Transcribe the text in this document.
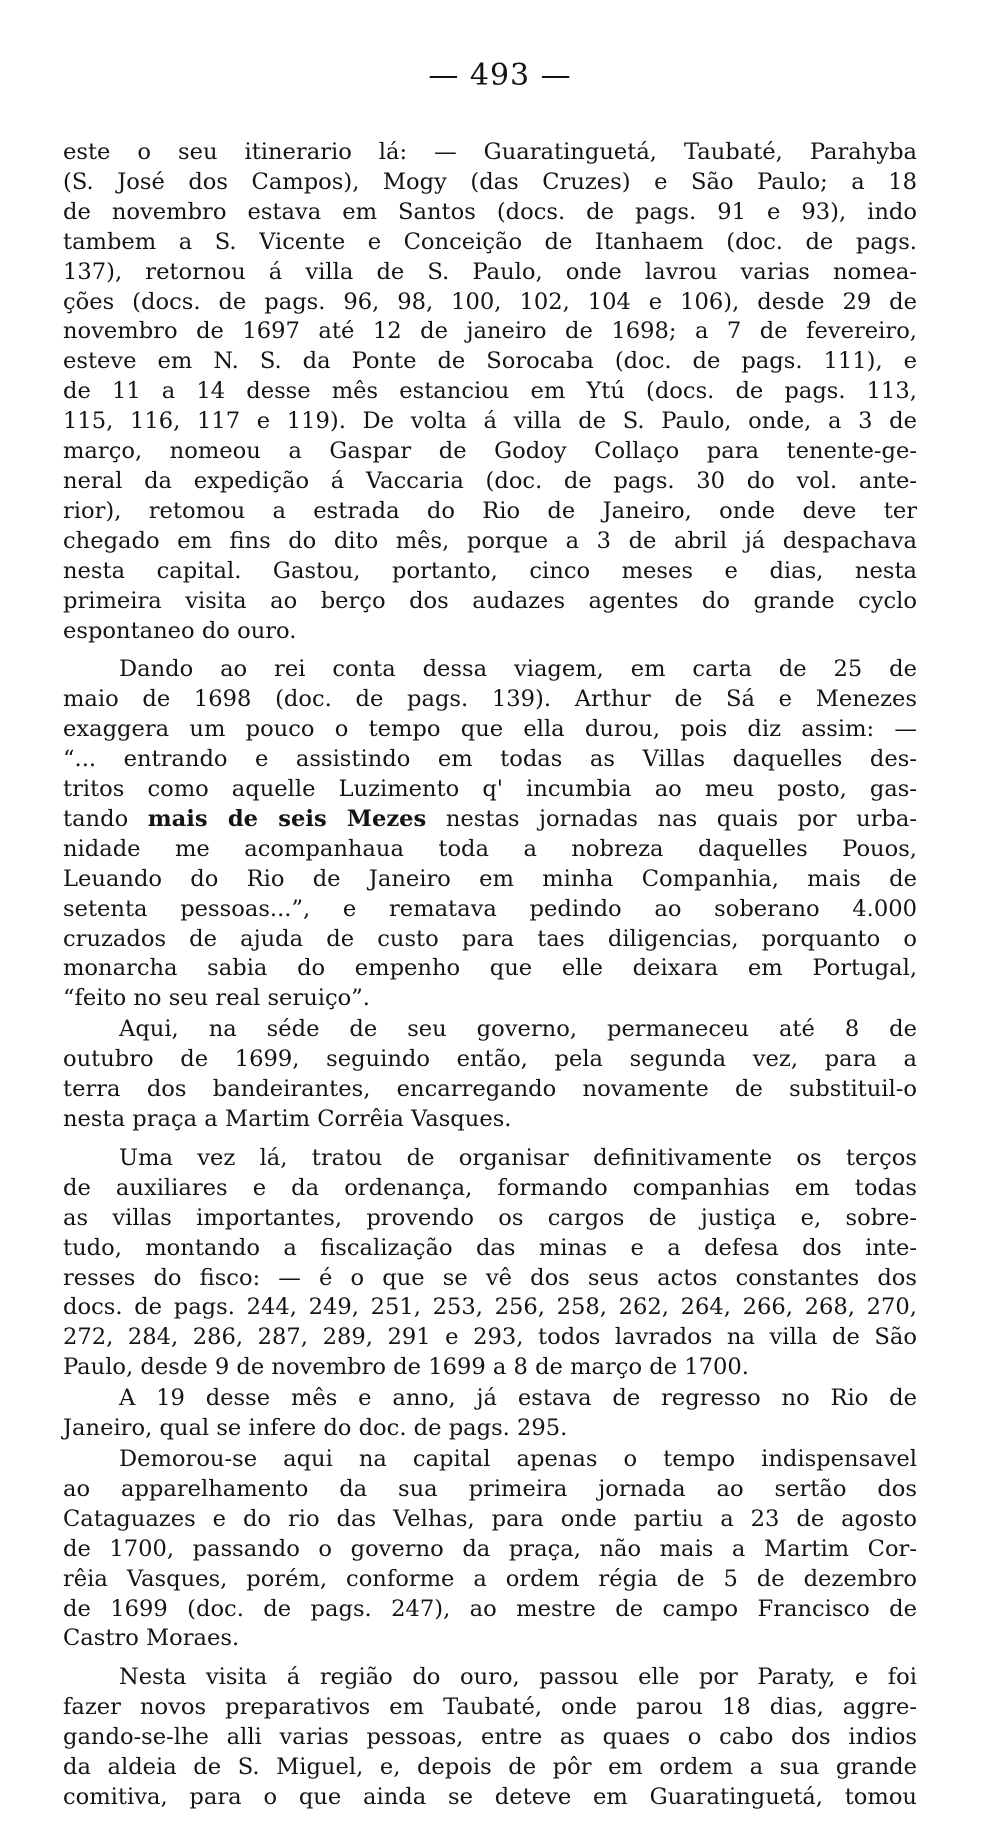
— 493 —
este o seu itinerario lá: — Guaratinguetá, Taubaté, Parahyba
(S. José dos Campos), Mogy (das Cruzes) e São Paulo; a 18
de novembro estava em Santos (docs. de pags. 91 e 93), indo
tambem a S. Vicente e Conceição de Itanhaem (doc. de pags.
137), retornou á villa de S. Paulo, onde lavrou varias nomea-
ções (docs. de pags. 96, 98, 100, 102, 104 e 106), desde 29 de
novembro de 1697 até 12 de janeiro de 1698; a 7 de fevereiro,
esteve em N. S. da Ponte de Sorocaba (doc. de pags. 111), e
de 11 a 14 desse mês estanciou em Ytú (docs. de pags. 113,
115, 116, 117 e 119). De volta á villa de S. Paulo, onde, a 3 de
março, nomeou a Gaspar de Godoy Collaço para tenente-ge-
neral da expedição á Vaccaria (doc. de pags. 30 do vol. ante-
rior), retomou a estrada do Rio de Janeiro, onde deve ter
chegado em fins do dito mês, porque a 3 de abril já despachava
nesta capital. Gastou, portanto, cinco meses e dias, nesta
primeira visita ao berço dos audazes agentes do grande cyclo
espontaneo do ouro.
Dando ao rei conta dessa viagem, em carta de 25 de
maio de 1698 (doc. de pags. 139). Arthur de Sá e Menezes
exaggera um pouco o tempo que ella durou, pois diz assim: —
“... entrando e assistindo em todas as Villas daquelles des-
tritos como aquelle Luzimento q' incumbia ao meu posto, gas-
tando mais de seis Mezes nestas jornadas nas quais por urba-
nidade me acompanhaua toda a nobreza daquelles Pouos,
Leuando do Rio de Janeiro em minha Companhia, mais de
setenta pessoas...”, e rematava pedindo ao soberano 4.000
cruzados de ajuda de custo para taes diligencias, porquanto o
monarcha sabia do empenho que elle deixara em Portugal,
“feito no seu real seruiço”.
Aqui, na séde de seu governo, permaneceu até 8 de
outubro de 1699, seguindo então, pela segunda vez, para a
terra dos bandeirantes, encarregando novamente de substituil-o
nesta praça a Martim Corrêia Vasques.
Uma vez lá, tratou de organisar definitivamente os terços
de auxiliares e da ordenança, formando companhias em todas
as villas importantes, provendo os cargos de justiça e, sobre-
tudo, montando a fiscalização das minas e a defesa dos inte-
resses do fisco: — é o que se vê dos seus actos constantes dos
docs. de pags. 244, 249, 251, 253, 256, 258, 262, 264, 266, 268, 270,
272, 284, 286, 287, 289, 291 e 293, todos lavrados na villa de São
Paulo, desde 9 de novembro de 1699 a 8 de março de 1700.
A 19 desse mês e anno, já estava de regresso no Rio de
Janeiro, qual se infere do doc. de pags. 295.
Demorou-se aqui na capital apenas o tempo indispensavel
ao apparelhamento da sua primeira jornada ao sertão dos
Cataguazes e do rio das Velhas, para onde partiu a 23 de agosto
de 1700, passando o governo da praça, não mais a Martim Cor-
rêia Vasques, porém, conforme a ordem régia de 5 de dezembro
de 1699 (doc. de pags. 247), ao mestre de campo Francisco de
Castro Moraes.
Nesta visita á região do ouro, passou elle por Paraty, e foi
fazer novos preparativos em Taubaté, onde parou 18 dias, aggre-
gando-se-lhe alli varias pessoas, entre as quaes o cabo dos indios
da aldeia de S. Miguel, e, depois de pôr em ordem a sua grande
comitiva, para o que ainda se deteve em Guaratinguetá, tomou
